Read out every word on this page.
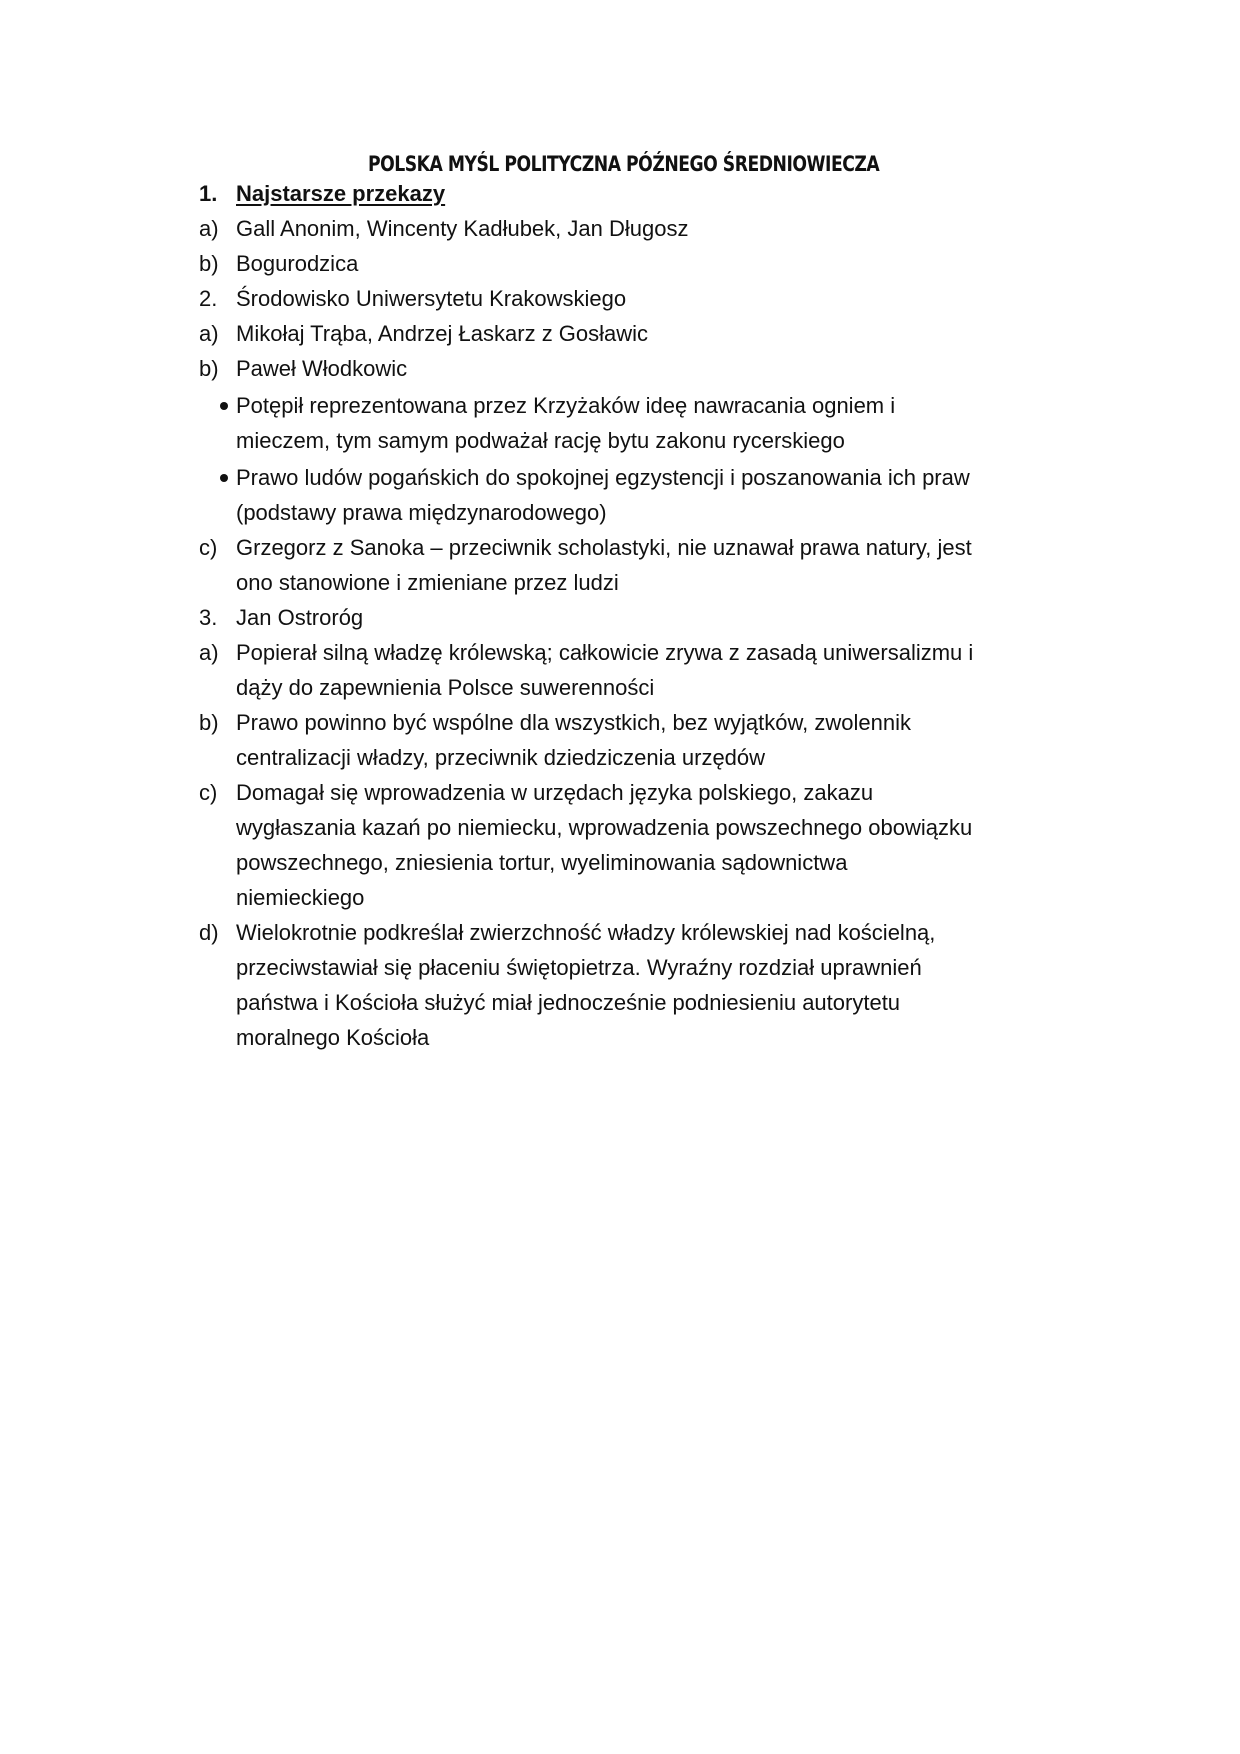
POLSKA MYŚL POLITYCZNA PÓŹNEGO ŚREDNIOWIECZA
1. Najstarsze przekazy
a) Gall Anonim, Wincenty Kadłubek, Jan Długosz
b) Bogurodzica
2. Środowisko Uniwersytetu Krakowskiego
a) Mikołaj Trąba, Andrzej Łaskarz z Gosławic
b) Paweł Włodkowic
Potępił reprezentowana przez Krzyżaków ideę nawracania ogniem i
mieczem, tym samym podważał rację bytu zakonu rycerskiego
Prawo ludów pogańskich do spokojnej egzystencji i poszanowania ich praw
(podstawy prawa międzynarodowego)
c) Grzegorz z Sanoka – przeciwnik scholastyki, nie uznawał prawa natury, jest
ono stanowione i zmieniane przez ludzi
3. Jan Ostroróg
a) Popierał silną władzę królewską; całkowicie zrywa z zasadą uniwersalizmu i
dąży do zapewnienia Polsce suwerenności
b) Prawo powinno być wspólne dla wszystkich, bez wyjątków, zwolennik
centralizacji władzy, przeciwnik dziedziczenia urzędów
c) Domagał się wprowadzenia w urzędach języka polskiego, zakazu
wygłaszania kazań po niemiecku, wprowadzenia powszechnego obowiązku
powszechnego, zniesienia tortur, wyeliminowania sądownictwa
niemieckiego
d) Wielokrotnie podkreślał zwierzchność władzy królewskiej nad kościelną,
przeciwstawiał się płaceniu świętopietrza. Wyraźny rozdział uprawnień
państwa i Kościoła służyć miał jednocześnie podniesieniu autorytetu
moralnego Kościoła
